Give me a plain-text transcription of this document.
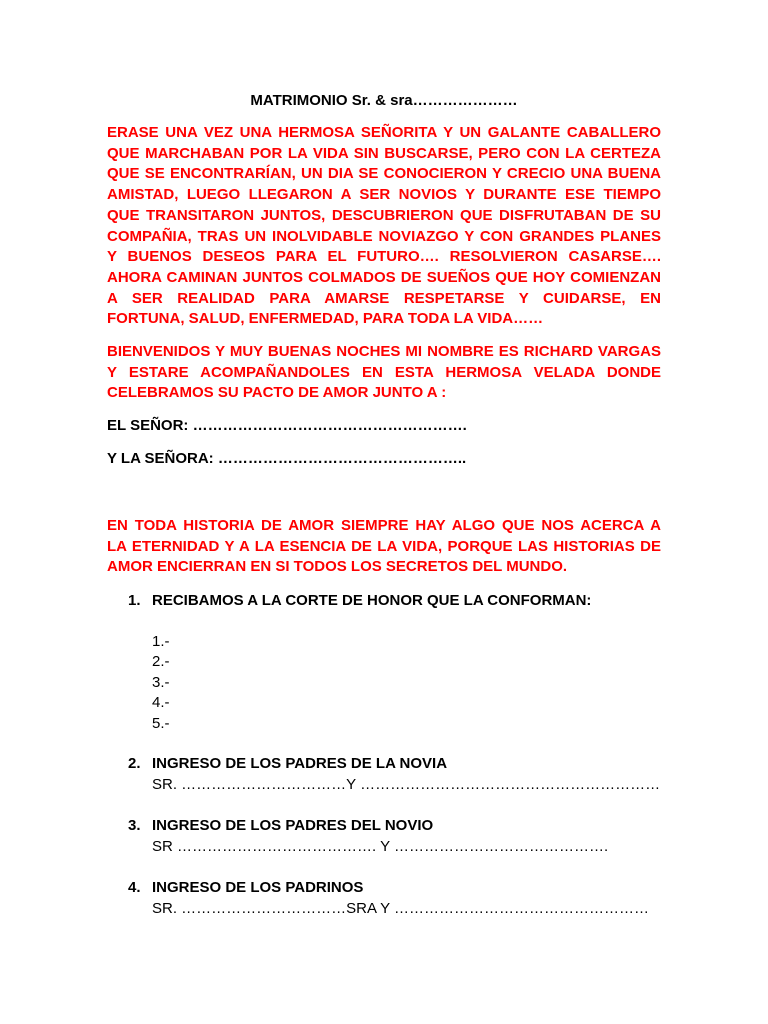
MATRIMONIO Sr. & sra…………………
ERASE UNA VEZ UNA HERMOSA SEÑORITA Y UN GALANTE CABALLERO
QUE MARCHABAN POR LA VIDA SIN BUSCARSE, PERO CON LA CERTEZA
QUE SE ENCONTRARÍAN, UN DIA SE CONOCIERON Y CRECIO UNA BUENA
AMISTAD, LUEGO LLEGARON A SER NOVIOS Y DURANTE ESE TIEMPO
QUE TRANSITARON JUNTOS, DESCUBRIERON QUE DISFRUTABAN DE SU
COMPAÑIA, TRAS UN INOLVIDABLE NOVIAZGO Y CON GRANDES PLANES
Y BUENOS DESEOS PARA EL FUTURO…. RESOLVIERON CASARSE….
AHORA CAMINAN JUNTOS COLMADOS DE SUEÑOS QUE HOY COMIENZAN
A SER REALIDAD PARA AMARSE RESPETARSE Y CUIDARSE, EN
FORTUNA, SALUD, ENFERMEDAD, PARA TODA LA VIDA……
BIENVENIDOS Y MUY BUENAS NOCHES MI NOMBRE ES RICHARD VARGAS
Y ESTARE ACOMPAÑANDOLES EN ESTA HERMOSA VELADA DONDE
CELEBRAMOS SU PACTO DE AMOR JUNTO A :
EL SEÑOR: ……………………………………………….
Y LA SEÑORA: …………………………………………..
EN TODA HISTORIA DE AMOR SIEMPRE HAY ALGO QUE NOS ACERCA A
LA ETERNIDAD Y A LA ESENCIA DE LA VIDA, PORQUE LAS HISTORIAS DE
AMOR ENCIERRAN EN SI TODOS LOS SECRETOS DEL MUNDO.
1. RECIBAMOS A LA CORTE DE HONOR QUE LA CONFORMAN:
1.-
2.-
3.-
4.-
5.-
2. INGRESO DE LOS PADRES DE LA NOVIA
SR. ……………………………Y ……………………………………………………
3. INGRESO DE LOS PADRES DEL NOVIO
SR …………………………………. Y …………………………………….
4. INGRESO DE LOS PADRINOS
SR. ……………………………SRA Y ……………………………………………
